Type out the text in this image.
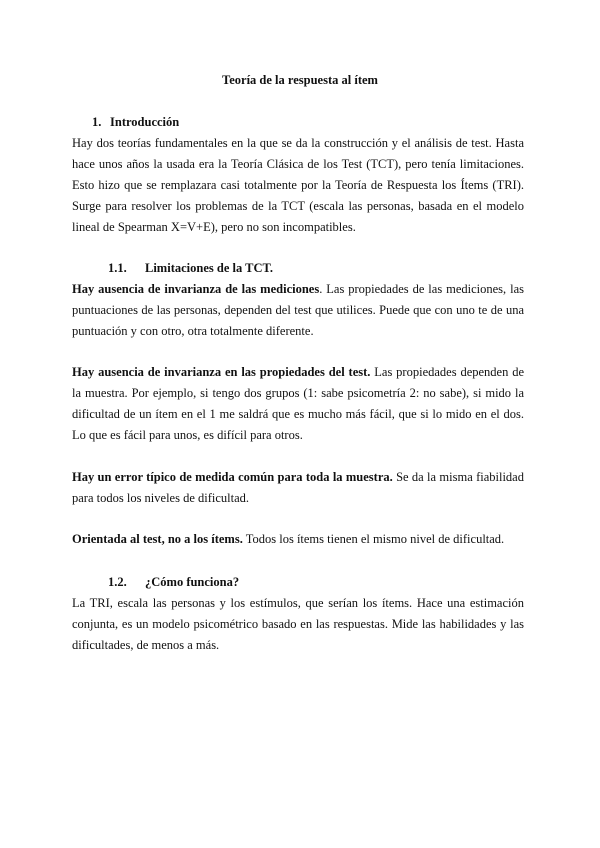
Teoría de la respuesta al ítem
1. Introducción

Hay dos teorías fundamentales en la que se da la construcción y el análisis de test. Hasta hace unos años la usada era la Teoría Clásica de los Test (TCT), pero tenía limitaciones. Esto hizo que se remplazara casi totalmente por la Teoría de Respuesta los Ítems (TRI). Surge para resolver los problemas de la TCT (escala las personas, basada en el modelo lineal de Spearman X=V+E), pero no son incompatibles.

1.1. Limitaciones de la TCT.

Hay ausencia de invarianza de las mediciones. Las propiedades de las mediciones, las puntuaciones de las personas, dependen del test que utilices. Puede que con uno te de una puntuación y con otro, otra totalmente diferente.

Hay ausencia de invarianza en las propiedades del test. Las propiedades dependen de la muestra. Por ejemplo, si tengo dos grupos (1: sabe psicometría 2: no sabe), si mido la dificultad de un ítem en el 1 me saldrá que es mucho más fácil, que si lo mido en el dos. Lo que es fácil para unos, es difícil para otros.

Hay un error típico de medida común para toda la muestra. Se da la misma fiabilidad para todos los niveles de dificultad.

Orientada al test, no a los ítems. Todos los ítems tienen el mismo nivel de dificultad.

1.2. ¿Cómo funciona?

La TRI, escala las personas y los estímulos, que serían los ítems. Hace una estimación conjunta, es un modelo psicométrico basado en las respuestas. Mide las habilidades y las dificultades, de menos a más.
